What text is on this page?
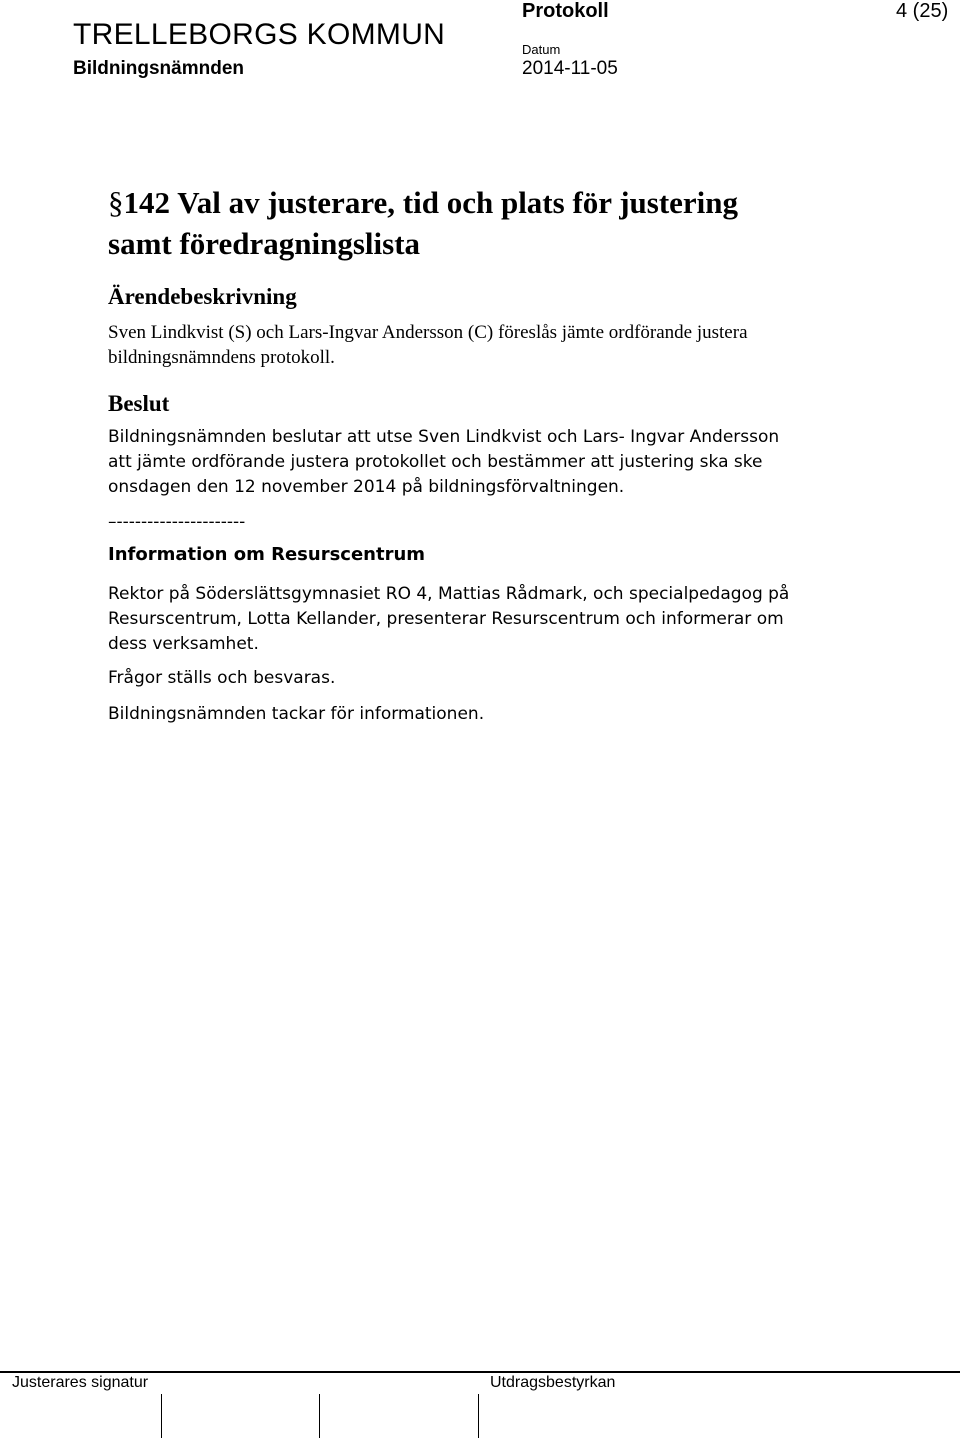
TRELLEBORGS KOMMUN
Bildningsnämnden
Protokoll	4 (25)
Datum
2014-11-05
§142 Val av justerare, tid och plats för justering
samt föredragningslista
Ärendebeskrivning
Sven Lindkvist (S) och Lars-Ingvar Andersson (C) föreslås jämte ordförande justera bildningsnämndens protokoll.
Beslut
Bildningsnämnden beslutar att utse Sven Lindkvist och Lars- Ingvar Andersson att jämte ordförande justera protokollet och bestämmer att justering ska ske onsdagen den 12 november 2014 på bildningsförvaltningen.
–---------------------
Information om Resurscentrum
Rektor på Söderslättsgymnasiet RO 4, Mattias Rådmark, och specialpedagog på Resurscentrum, Lotta Kellander, presenterar Resurscentrum och informerar om dess verksamhet.
Frågor ställs och besvaras.
Bildningsnämnden tackar för informationen.
Justerares signatur	Utdragsbestyrkan
